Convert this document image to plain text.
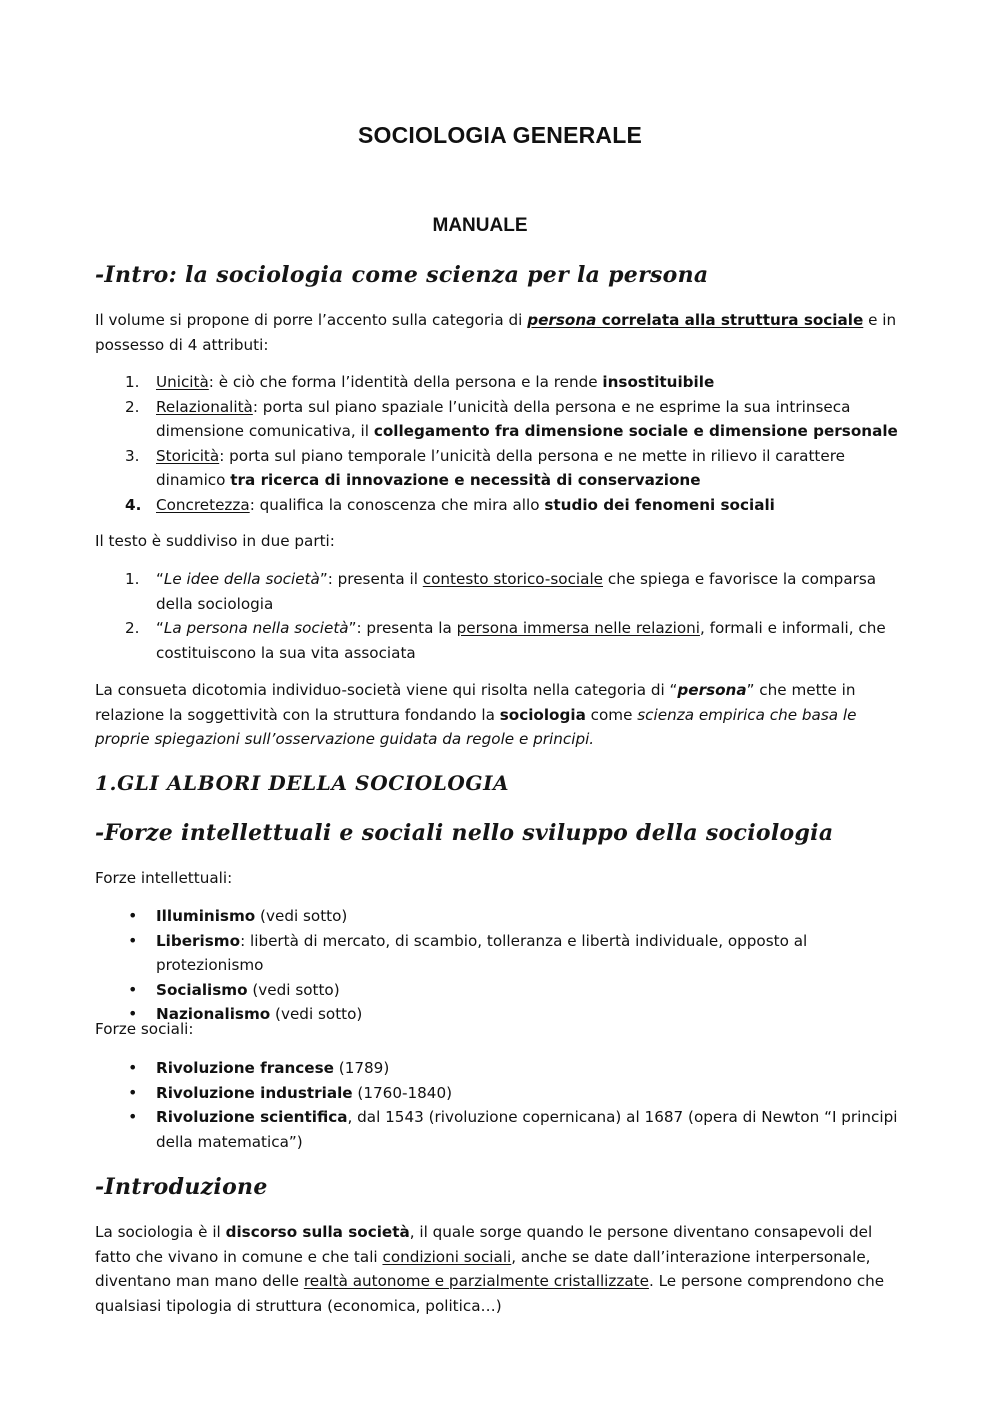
SOCIOLOGIA GENERALE
MANUALE
-Intro: la sociologia come scienza per la persona

Il volume si propone di porre l’accento sulla categoria di persona correlata alla struttura sociale e in possesso di 4 attributi:

1. Unicità: è ciò che forma l’identità della persona e la rende insostituibile
2. Relazionalità: porta sul piano spaziale l’unicità della persona e ne esprime la sua intrinseca dimensione comunicativa, il collegamento fra dimensione sociale e dimensione personale
3. Storicità: porta sul piano temporale l’unicità della persona e ne mette in rilievo il carattere dinamico tra ricerca di innovazione e necessità di conservazione
4. Concretezza: qualifica la conoscenza che mira allo studio dei fenomeni sociali

Il testo è suddiviso in due parti:

1. “Le idee della società”: presenta il contesto storico-sociale che spiega e favorisce la comparsa della sociologia
2. “La persona nella società”: presenta la persona immersa nelle relazioni, formali e informali, che costituiscono la sua vita associata

La consueta dicotomia individuo-società viene qui risolta nella categoria di “persona” che mette in relazione la soggettività con la struttura fondando la sociologia come scienza empirica che basa le proprie spiegazioni sull’osservazione guidata da regole e principi.

1.GLI ALBORI DELLA SOCIOLOGIA
-Forze intellettuali e sociali nello sviluppo della sociologia

Forze intellettuali:

• Illuminismo (vedi sotto)
• Liberismo: libertà di mercato, di scambio, tolleranza e libertà individuale, opposto al protezionismo
• Socialismo (vedi sotto)
• Nazionalismo (vedi sotto)

Forze sociali:

• Rivoluzione francese (1789)
• Rivoluzione industriale (1760-1840)
• Rivoluzione scientifica, dal 1543 (rivoluzione copernicana) al 1687 (opera di Newton “I principi della matematica”)
-Introduzione

La sociologia è il discorso sulla società, il quale sorge quando le persone diventano consapevoli del fatto che vivano in comune e che tali condizioni sociali, anche se date dall’interazione interpersonale, diventano man mano delle realtà autonome e parzialmente cristallizzate. Le persone comprendono che qualsiasi tipologia di struttura (economica, politica…)
